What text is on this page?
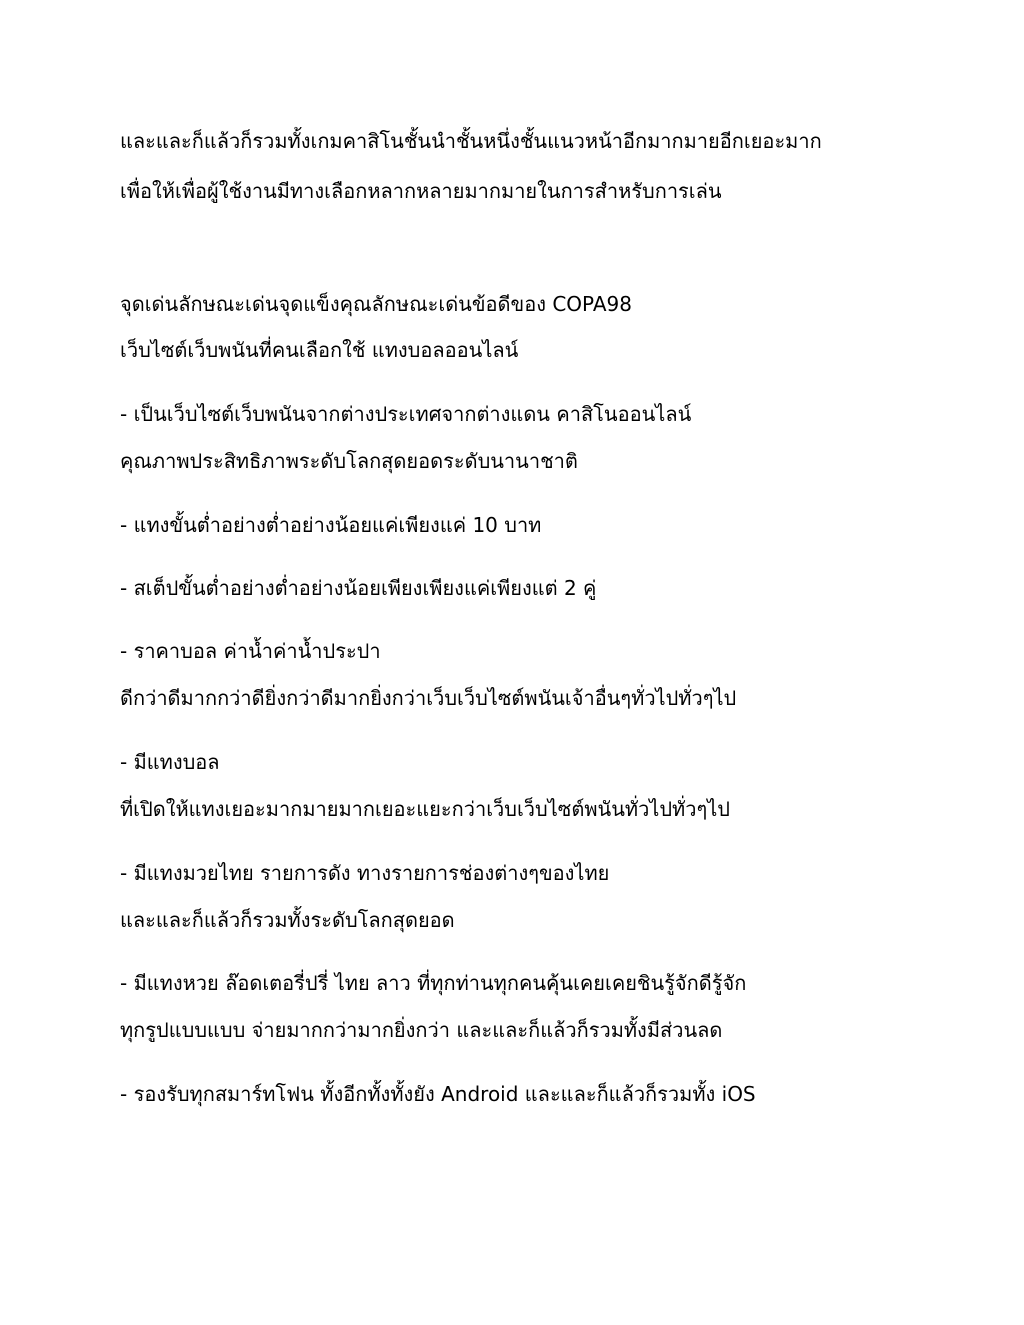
และและก็แล้วก็รวมทั้งเกมคาสิโนชั้นนำชั้นหนึ่งชั้นแนวหน้าอีกมากมายอีกเยอะมาก
เพื่อให้เพื่อผู้ใช้งานมีทางเลือกหลากหลายมากมายในการสำหรับการเล่น
จุดเด่นลักษณะเด่นจุดแข็งคุณลักษณะเด่นข้อดีของ COPA98
เว็บไซต์เว็บพนันที่คนเลือกใช้ แทงบอลออนไลน์
- เป็นเว็บไซต์เว็บพนันจากต่างประเทศจากต่างแดน คาสิโนออนไลน์
คุณภาพประสิทธิภาพระดับโลกสุดยอดระดับนานาชาติ
- แทงขั้นต่ำอย่างต่ำอย่างน้อยแค่เพียงแค่ 10 บาท
- สเต็ปขั้นต่ำอย่างต่ำอย่างน้อยเพียงเพียงแค่เพียงแต่ 2 คู่
- ราคาบอล ค่าน้ำค่าน้ำประปา
ดีกว่าดีมากกว่าดียิ่งกว่าดีมากยิ่งกว่าเว็บเว็บไซต์พนันเจ้าอื่นๆทั่วไปทั่วๆไป
- มีแทงบอล
ที่เปิดให้แทงเยอะมากมายมากเยอะแยะกว่าเว็บเว็บไซต์พนันทั่วไปทั่วๆไป
- มีแทงมวยไทย รายการดัง ทางรายการช่องต่างๆของไทย
และและก็แล้วก็รวมทั้งระดับโลกสุดยอด
- มีแทงหวย ล๊อดเตอรี่ปรี่ ไทย ลาว ที่ทุกท่านทุกคนคุ้นเคยเคยชินรู้จักดีรู้จัก
ทุกรูปแบบแบบ จ่ายมากกว่ามากยิ่งกว่า และและก็แล้วก็รวมทั้งมีส่วนลด
- รองรับทุกสมาร์ทโฟน ทั้งอีกทั้งทั้งยัง Android และและก็แล้วก็รวมทั้ง iOS
